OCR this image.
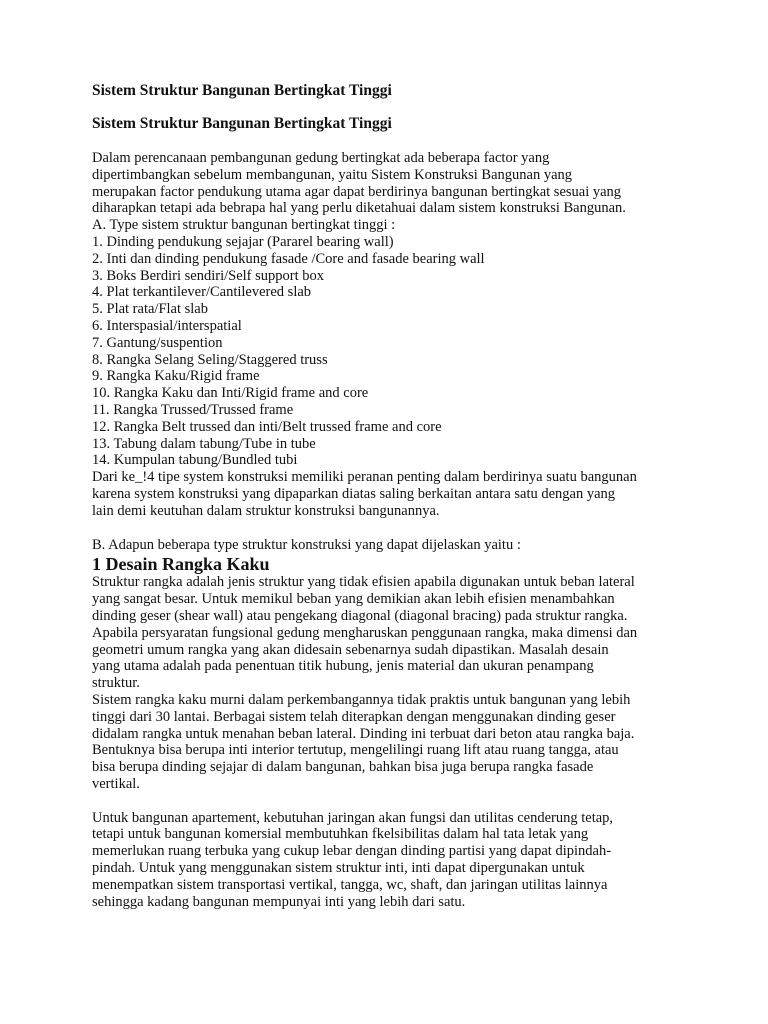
Sistem Struktur Bangunan Bertingkat Tinggi

Sistem Struktur Bangunan Bertingkat Tinggi

Dalam perencanaan pembangunan gedung bertingkat ada beberapa factor yang
dipertimbangkan sebelum membangunan, yaitu Sistem Konstruksi Bangunan yang
merupakan factor pendukung utama agar dapat berdirinya bangunan bertingkat sesuai yang
diharapkan tetapi ada bebrapa hal yang perlu diketahuai dalam sistem konstruksi Bangunan.
A. Type sistem struktur bangunan bertingkat tinggi :
1. Dinding pendukung sejajar (Pararel bearing wall)
2. Inti dan dinding pendukung fasade /Core and fasade bearing wall
3. Boks Berdiri sendiri/Self support box
4. Plat terkantilever/Cantilevered slab
5. Plat rata/Flat slab
6. Interspasial/interspatial
7. Gantung/suspention
8. Rangka Selang Seling/Staggered truss
9. Rangka Kaku/Rigid frame
10. Rangka Kaku dan Inti/Rigid frame and core
11. Rangka Trussed/Trussed frame
12. Rangka Belt trussed dan inti/Belt trussed frame and core
13. Tabung dalam tabung/Tube in tube
14. Kumpulan tabung/Bundled tubi
Dari ke_!4 tipe system konstruksi memiliki peranan penting dalam berdirinya suatu bangunan
karena system konstruksi yang dipaparkan diatas saling berkaitan antara satu dengan yang
lain demi keutuhan dalam struktur konstruksi bangunannya.
B. Adapun beberapa type struktur konstruksi yang dapat dijelaskan yaitu :

1 Desain Rangka Kaku

Struktur rangka adalah jenis struktur yang tidak efisien apabila digunakan untuk beban lateral
yang sangat besar. Untuk memikul beban yang demikian akan lebih efisien menambahkan
dinding geser (shear wall) atau pengekang diagonal (diagonal bracing) pada struktur rangka.
Apabila persyaratan fungsional gedung mengharuskan penggunaan rangka, maka dimensi dan
geometri umum rangka yang akan didesain sebenarnya sudah dipastikan. Masalah desain
yang utama adalah pada penentuan titik hubung, jenis material dan ukuran penampang
struktur.
Sistem rangka kaku murni dalam perkembangannya tidak praktis untuk bangunan yang lebih
tinggi dari 30 lantai. Berbagai sistem telah diterapkan dengan menggunakan dinding geser
didalam rangka untuk menahan beban lateral. Dinding ini terbuat dari beton atau rangka baja.
Bentuknya bisa berupa inti interior tertutup, mengelilingi ruang lift atau ruang tangga, atau
bisa berupa dinding sejajar di dalam bangunan, bahkan bisa juga berupa rangka fasade
vertikal.
Untuk bangunan apartement, kebutuhan jaringan akan fungsi dan utilitas cenderung tetap,
tetapi untuk bangunan komersial membutuhkan fkelsibilitas dalam hal tata letak yang
memerlukan ruang terbuka yang cukup lebar dengan dinding partisi yang dapat dipindah-
pindah. Untuk yang menggunakan sistem struktur inti, inti dapat dipergunakan untuk
menempatkan sistem transportasi vertikal, tangga, wc, shaft, dan jaringan utilitas lainnya
sehingga kadang bangunan mempunyai inti yang lebih dari satu.
